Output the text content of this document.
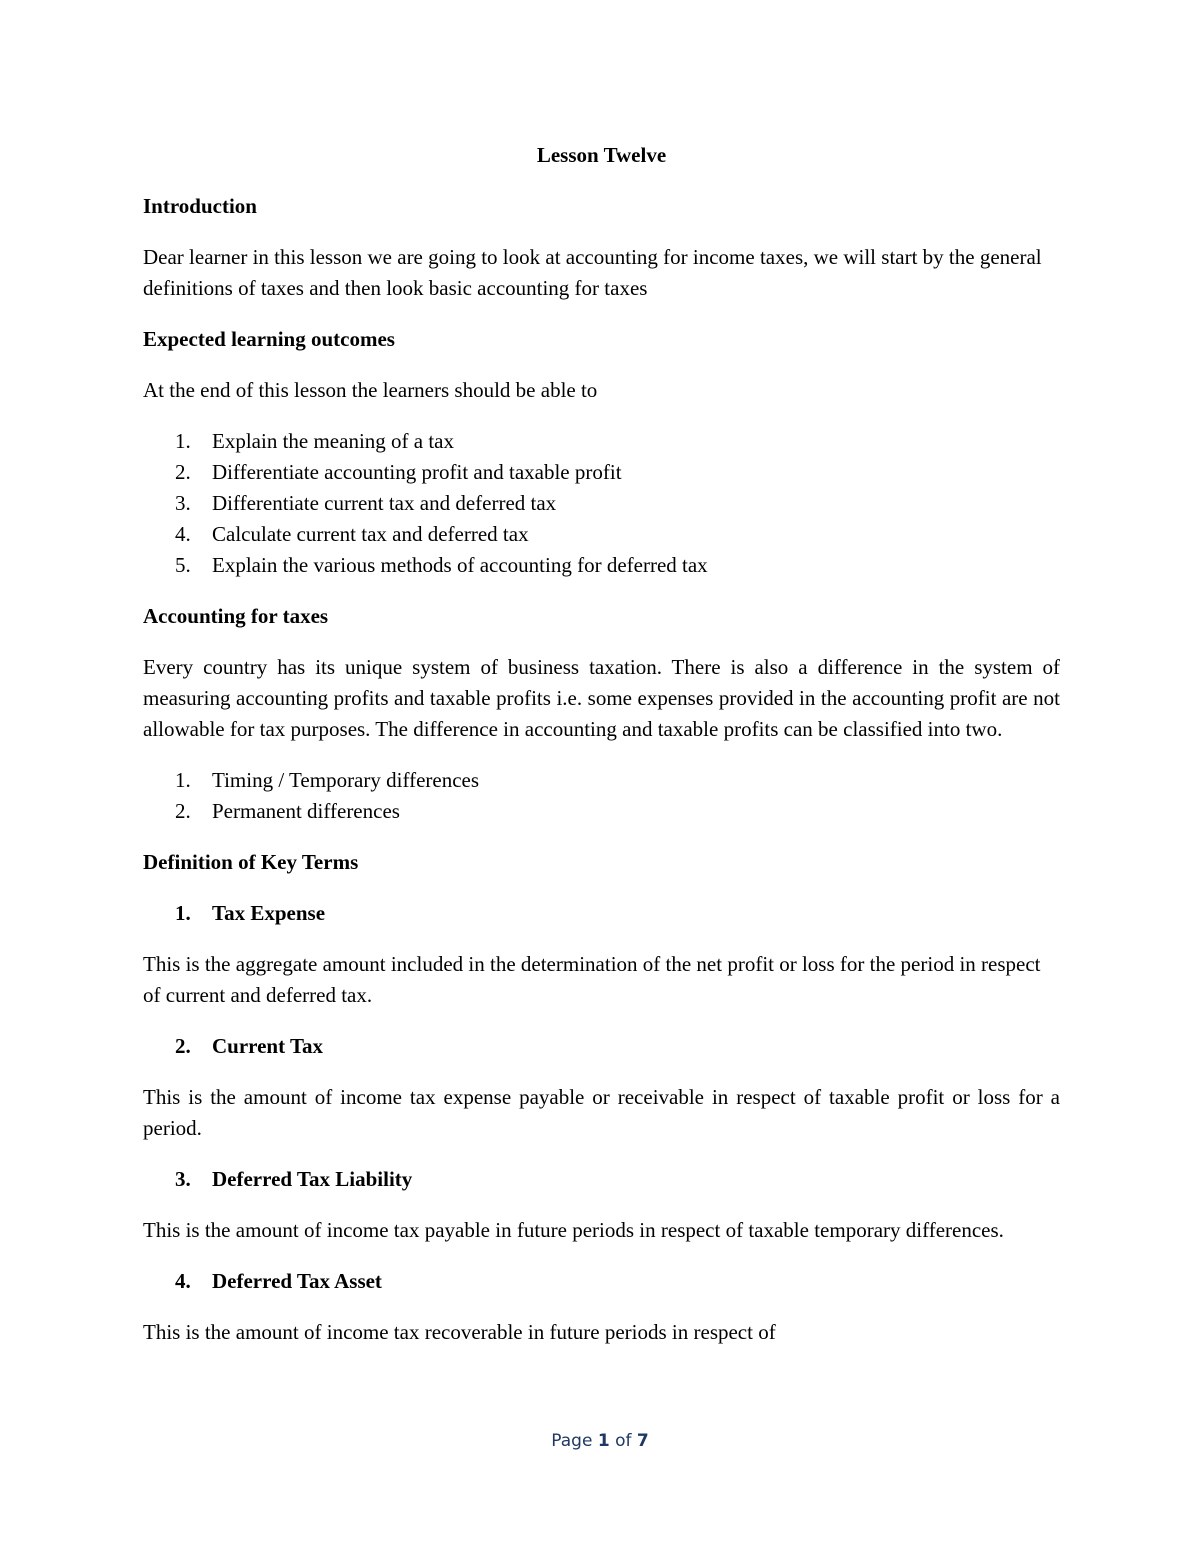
Lesson Twelve
Introduction
Dear learner in this lesson we are going to look at accounting for income taxes, we will start by the general definitions of taxes and then look basic accounting for taxes
Expected learning outcomes
At the end of this lesson the learners should be able to
1. Explain the meaning of a tax
2. Differentiate accounting profit and taxable profit
3. Differentiate current tax and deferred tax
4. Calculate current tax and deferred tax
5. Explain the various methods of accounting for deferred tax
Accounting for taxes
Every country has its unique system of business taxation. There is also a difference in the system of measuring accounting profits and taxable profits i.e. some expenses provided in the accounting profit are not allowable for tax purposes. The difference in accounting and taxable profits can be classified into two.
1. Timing / Temporary differences
2. Permanent differences
Definition of Key Terms
1. Tax Expense
This is the aggregate amount included in the determination of the net profit or loss for the period in respect of current and deferred tax.
2. Current Tax
This is the amount of income tax expense payable or receivable in respect of taxable profit or loss for a period.
3. Deferred Tax Liability
This is the amount of income tax payable in future periods in respect of taxable temporary differences.
4. Deferred Tax Asset
This is the amount of income tax recoverable in future periods in respect of
Page 1 of 7
